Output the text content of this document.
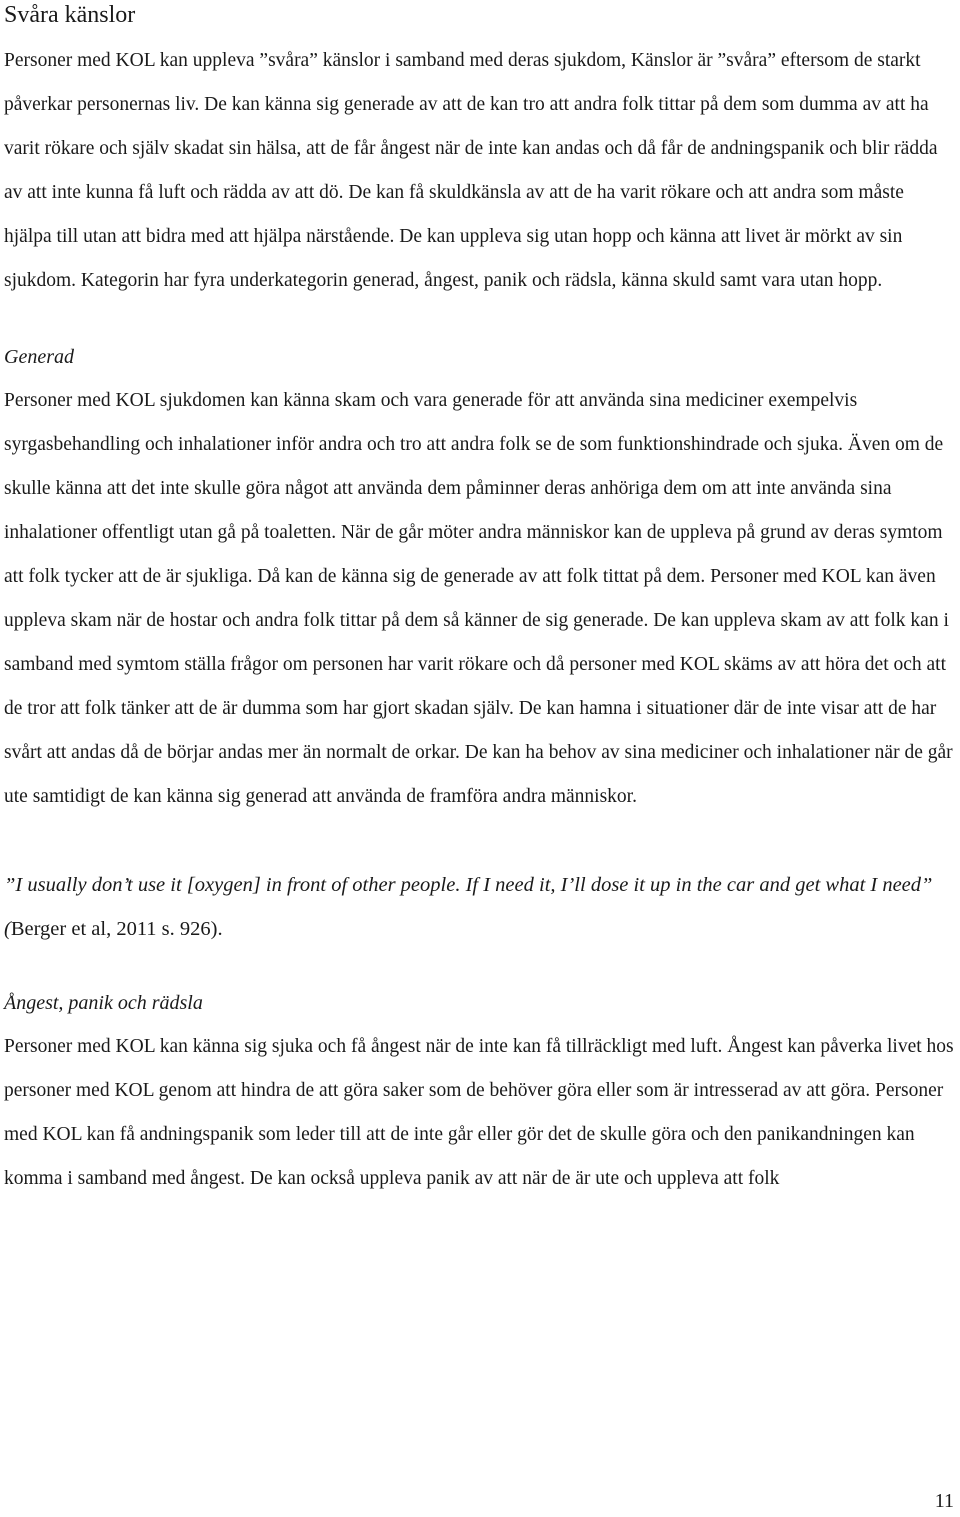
Svåra känslor

Personer med KOL kan uppleva ”svåra” känslor i samband med deras sjukdom, Känslor är ”svåra” eftersom de starkt påverkar personernas liv. De kan känna sig generade av att de kan tro att andra folk tittar på dem som dumma av att ha varit rökare och själv skadat sin hälsa, att de får ångest när de inte kan andas och då får de andningspanik och blir rädda av att inte kunna få luft och rädda av att dö. De kan få skuldkänsla av att de ha varit rökare och att andra som måste hjälpa till utan att bidra med att hjälpa närstående. De kan uppleva sig utan hopp och känna att livet är mörkt av sin sjukdom. Kategorin har fyra underkategorin generad, ångest, panik och rädsla, känna skuld samt vara utan hopp.

Generad

Personer med KOL sjukdomen kan känna skam och vara generade för att använda sina mediciner exempelvis syrgasbehandling och inhalationer inför andra och tro att andra folk se de som funktionshindrade och sjuka. Även om de skulle känna att det inte skulle göra något att använda dem påminner deras anhöriga dem om att inte använda sina inhalationer offentligt utan gå på toaletten. När de går möter andra människor kan de uppleva på grund av deras symtom att folk tycker att de är sjukliga. Då kan de känna sig de generade av att folk tittat på dem. Personer med KOL kan även uppleva skam när de hostar och andra folk tittar på dem så känner de sig generade. De kan uppleva skam av att folk kan i samband med symtom ställa frågor om personen har varit rökare och då personer med KOL skäms av att höra det och att de tror att folk tänker att de är dumma som har gjort skadan själv. De kan hamna i situationer där de inte visar att de har svårt att andas då de börjar andas mer än normalt de orkar. De kan ha behov av sina mediciner och inhalationer när de går ute samtidigt de kan känna sig generad att använda de framföra andra människor.

”I usually don’t use it [oxygen] in front of other people. If I need it, I’ll dose it up in the car and get what I need” (Berger et al, 2011 s. 926).

Ångest, panik och rädsla

Personer med KOL kan känna sig sjuka och få ångest när de inte kan få tillräckligt med luft. Ångest kan påverka livet hos personer med KOL genom att hindra de att göra saker som de behöver göra eller som är intresserad av att göra. Personer med KOL kan få andningspanik som leder till att de inte går eller gör det de skulle göra och den panikandningen kan komma i samband med ångest. De kan också uppleva panik av att när de är ute och uppleva att folk

11
